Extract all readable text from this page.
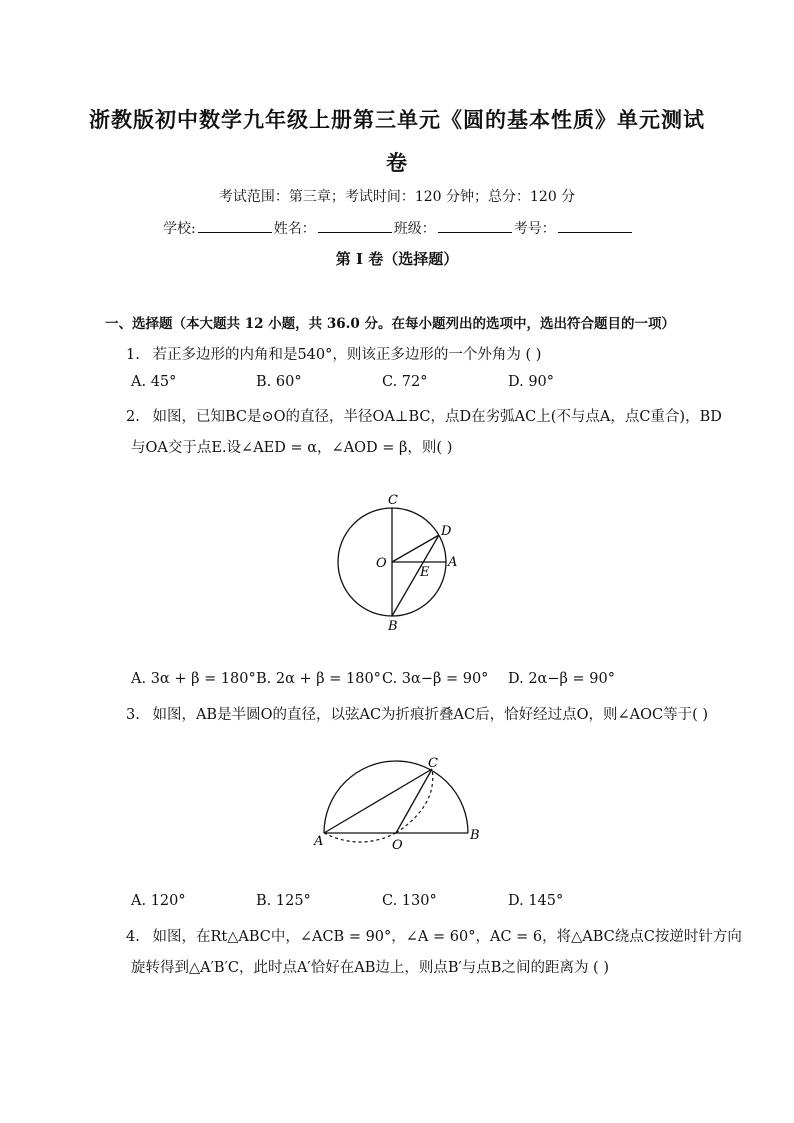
浙教版初中数学九年级上册第三单元《圆的基本性质》单元测试
卷
考试范围：第三章；考试时间：120 分钟；总分：120 分
学校:	姓名：	班级：	考号：
第 I 卷（选择题）
一、选择题（本大题共 12 小题，共 36.0 分。在每小题列出的选项中，选出符合题目的一项）
1. 若正多边形的内角和是540°，则该正多边形的一个外角为 ( )
A. 45°	B. 60°	C. 72°	D. 90°
2. 如图，已知BC是⊙O的直径，半径OA⊥BC，点D在劣弧AC上(不与点A，点C重合)，BD
与OA交于点E.设∠AED = α，∠AOD = β，则( )
C
D
O
E
A
B
A. 3α + β = 180° B. 2α + β = 180° C. 3α−β = 90° D. 2α−β = 90°
3. 如图，AB是半圆O的直径，以弦AC为折痕折叠AC后，恰好经过点O，则∠AOC等于( )
C
A	O
B
A. 120°	B. 125°	C. 130°	D. 145°
4. 如图，在Rt△ABC中，∠ACB = 90°，∠A = 60°，AC = 6，将△ABC绕点C按逆时针方向
旋转得到△A′B′C，此时点A′恰好在AB边上，则点B′与点B之间的距离为 ( )
